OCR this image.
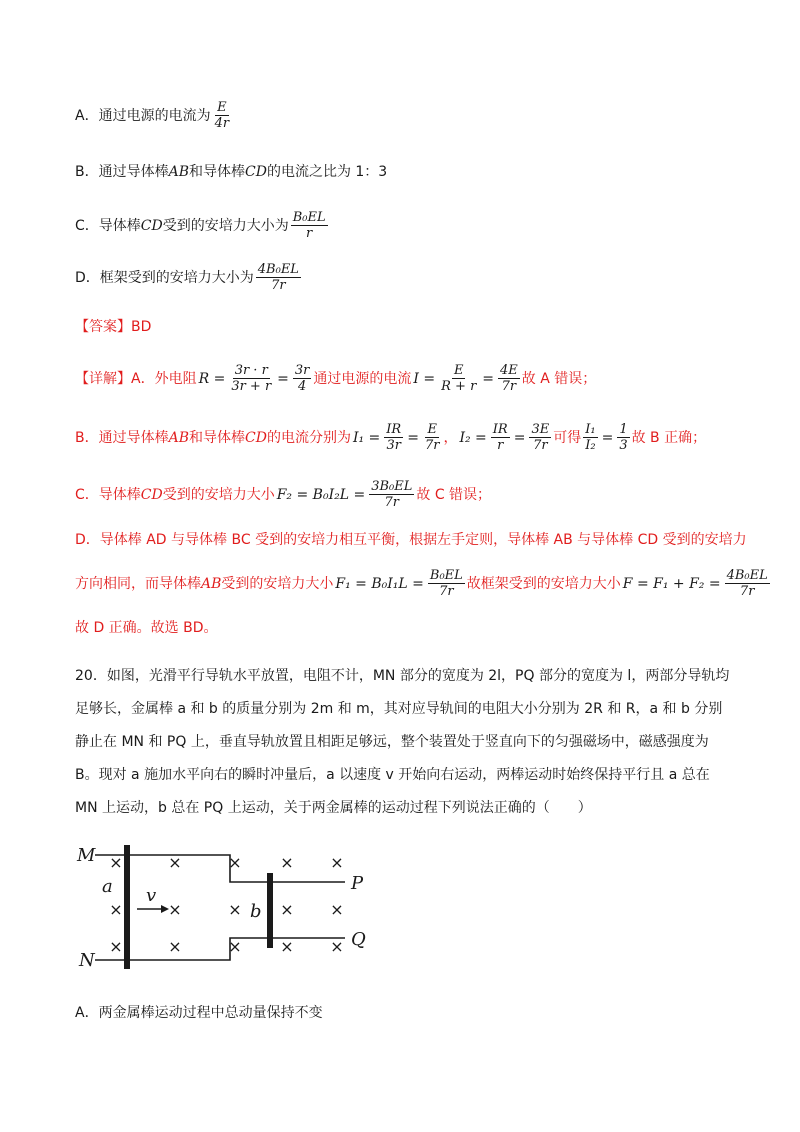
A．通过电源的电流为 $\frac{E}{4r}$
B．通过导体棒 AB 和导体棒 CD 的电流之比为 1：3
C．导体棒 CD 受到的安培力大小为 $\frac{\text{B₀EL}}{r}$
D．框架受到的安培力大小为 $\frac{\text{4B₀EL}}{7r}$
【答案】BD
【详解】 A．外电阻 $R = \frac{3r \cdot r}{3r + r} = \frac{3r}{4}$ 通过电源的电流 $I = \frac{E}{R + r} = \frac{4E}{7r}$ 故 A 错误；
B．通过导体棒 AB 和导体棒 CD 的电流分别为 $I_1 = \frac{IR}{3r} = \frac{E}{7r}$ ， $I_2 = \frac{IR}{r} = \frac{3E}{7r}$ 可得 $\frac{\text{I₁}}{\text{I₂}} = \frac{1}{3}$ 故 B 正确；
C．导体棒 CD 受到的安培力大小 $F_2 = B_0I_2L = \frac{\text{3B₀EL}}{7r}$ 故 C 错误；
D．导体棒 AD 与导体棒 BC 受到的安培力相互平衡，根据左手定则，导体棒 AB 与导体棒 CD 受到的安培力
方向相同，而导体棒 AB 受到的安培力大小 $F_1 = B_0I_1L = \frac{\text{B₀EL}}{7r}$ 故框架受到的安培力大小 $F = F_1 + F_2 = \frac{\text{4B₀EL}}{7r}$
故 D 正确。故选 BD。
20．如图，光滑平行导轨水平放置，电阻不计，MN 部分的宽度为 2l，PQ 部分的宽度为 l，两部分导轨均足够长，金属棒 a 和 b 的质量分别为 2m 和 m，其对应导轨间的电阻大小分别为 2R 和 R，a 和 b 分别静止在 MN 和 PQ 上，垂直导轨放置且相距足够远，整个装置处于竖直向下的匀强磁场中，磁感强度为 B。现对 a 施加水平向右的瞬时冲量后，a 以速度 v 开始向右运动，两棒运动时始终保持平行且 a 总在 MN 上运动，b 总在 PQ 上运动，关于两金属棒的运动过程下列说法正确的（　　）
×
×
×
×
×
×
×
×
×
×
×
×
×
×
×
M
N
P
Q
a
b
v
A．两金属棒运动过程中总动量保持不变
